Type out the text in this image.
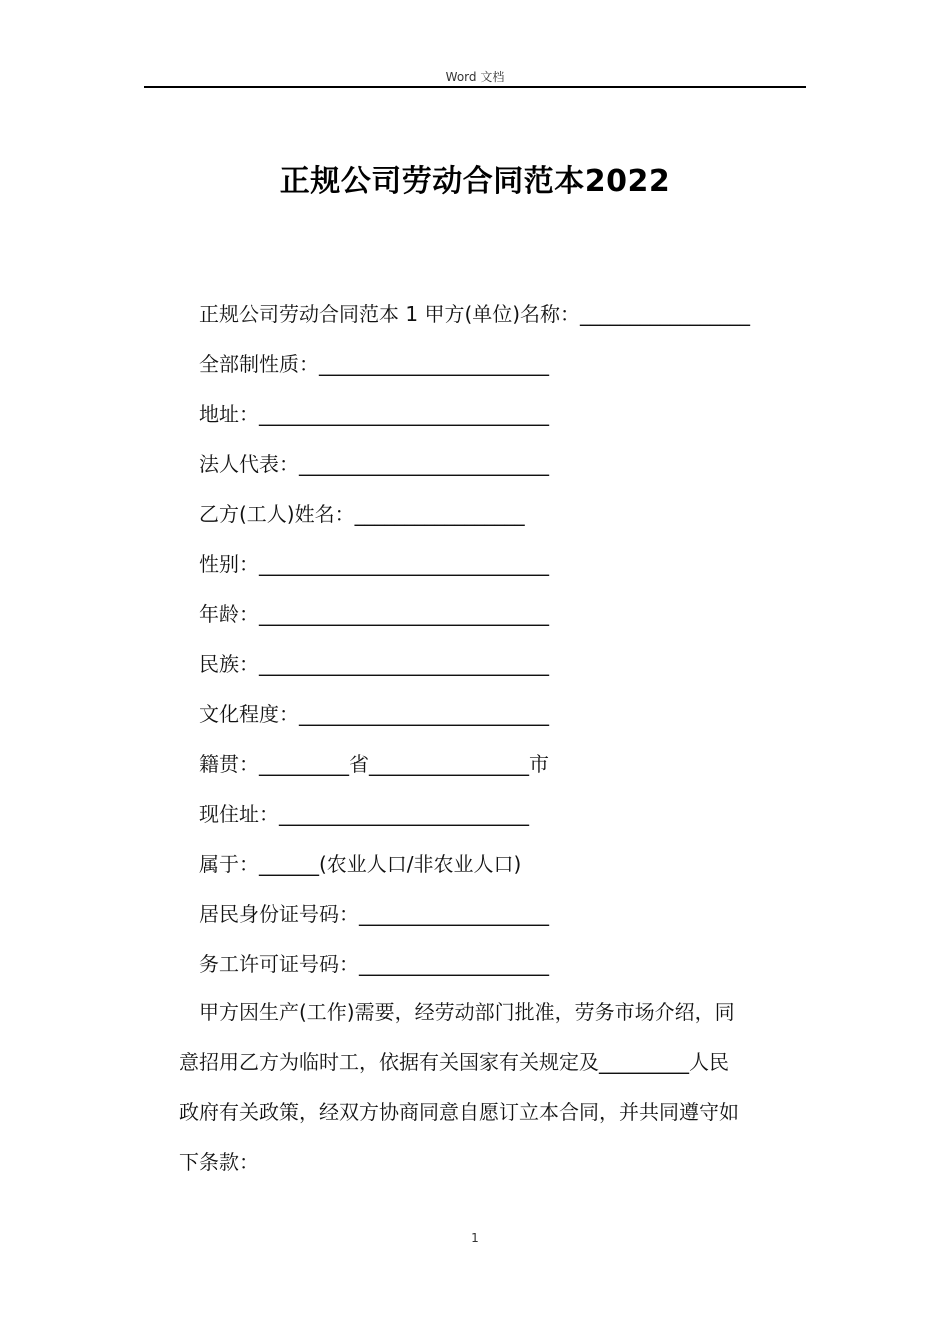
Word 文档
正规公司劳动合同范本2022
正规公司劳动合同范本 1 甲方(单位)名称：_________________
全部制性质：_______________________
地址：_____________________________
法人代表：_________________________
乙方(工人)姓名：_________________
性别：_____________________________
年龄：_____________________________
民族：_____________________________
文化程度：_________________________
籍贯：_________省________________市
现住址：_________________________
属于：______(农业人口/非农业人口)
居民身份证号码：___________________
务工许可证号码：___________________
　甲方因生产(工作)需要，经劳动部门批准，劳务市场介绍，同
意招用乙方为临时工，依据有关国家有关规定及_________人民
政府有关政策，经双方协商同意自愿订立本合同，并共同遵守如
下条款：
1
